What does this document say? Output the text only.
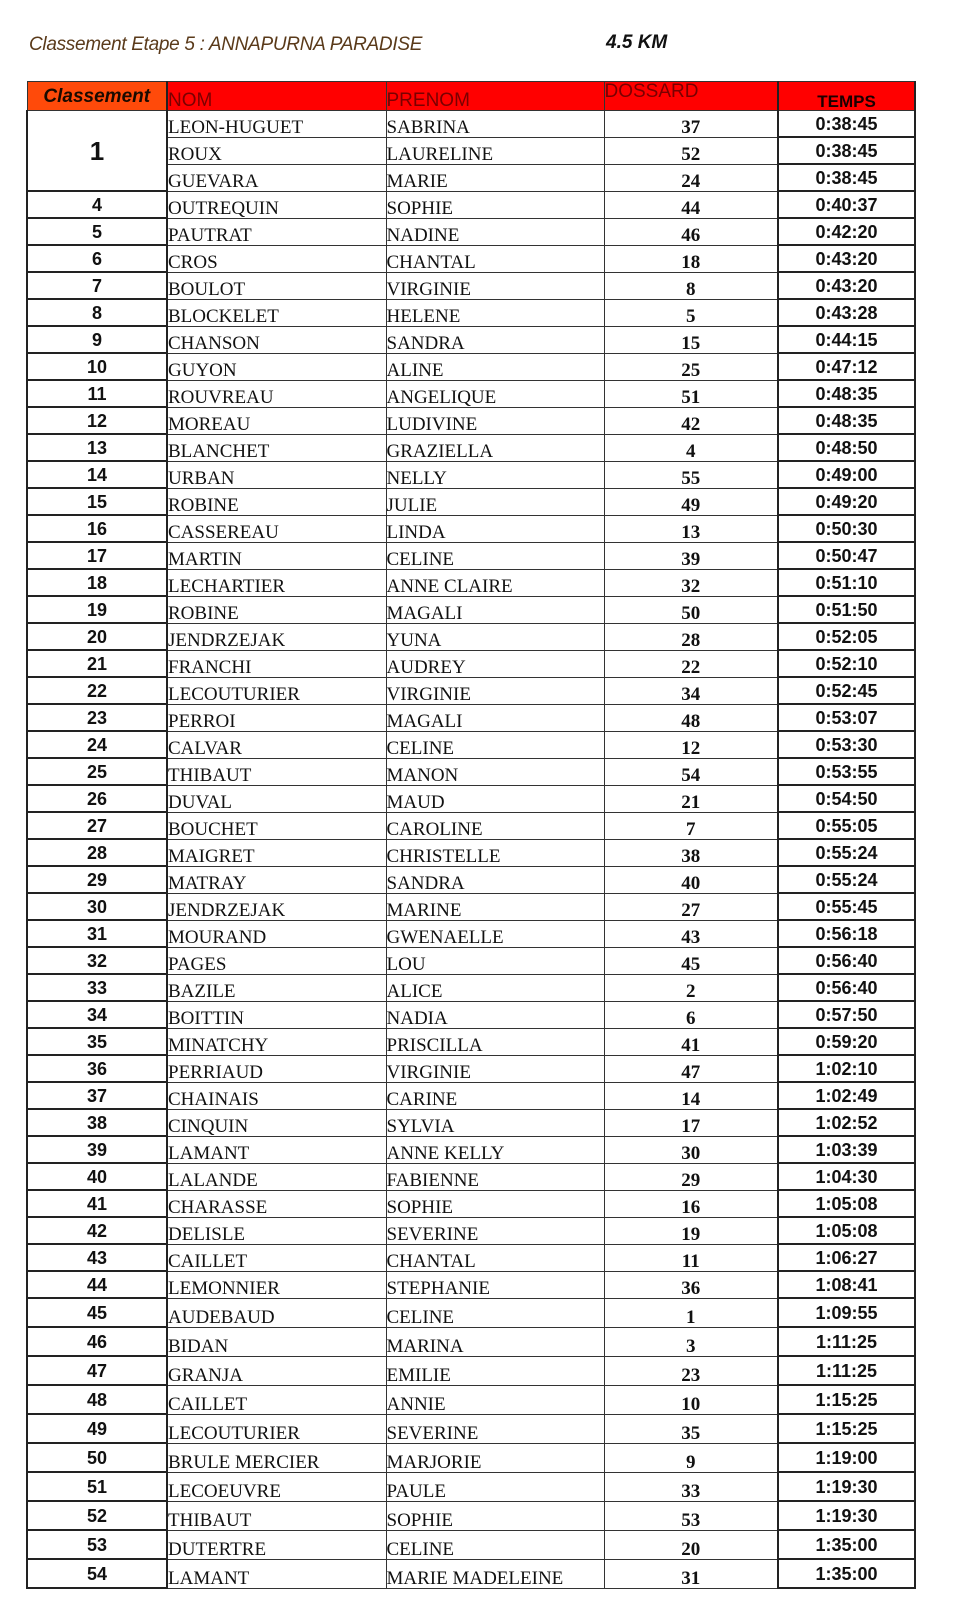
Classement Etape 5 : ANNAPURNA PARADISE	4.5 KM
Classement	NOM	PRENOM	DOSSARD	TEMPS
1	LEON-HUGUET	SABRINA	37	0:38:45
	ROUX	LAURELINE	52	0:38:45
	GUEVARA	MARIE	24	0:38:45
4	OUTREQUIN	SOPHIE	44	0:40:37
5	PAUTRAT	NADINE	46	0:42:20
6	CROS	CHANTAL	18	0:43:20
7	BOULOT	VIRGINIE	8	0:43:20
8	BLOCKELET	HELENE	5	0:43:28
9	CHANSON	SANDRA	15	0:44:15
10	GUYON	ALINE	25	0:47:12
11	ROUVREAU	ANGELIQUE	51	0:48:35
12	MOREAU	LUDIVINE	42	0:48:35
13	BLANCHET	GRAZIELLA	4	0:48:50
14	URBAN	NELLY	55	0:49:00
15	ROBINE	JULIE	49	0:49:20
16	CASSEREAU	LINDA	13	0:50:30
17	MARTIN	CELINE	39	0:50:47
18	LECHARTIER	ANNE CLAIRE	32	0:51:10
19	ROBINE	MAGALI	50	0:51:50
20	JENDRZEJAK	YUNA	28	0:52:05
21	FRANCHI	AUDREY	22	0:52:10
22	LECOUTURIER	VIRGINIE	34	0:52:45
23	PERROI	MAGALI	48	0:53:07
24	CALVAR	CELINE	12	0:53:30
25	THIBAUT	MANON	54	0:53:55
26	DUVAL	MAUD	21	0:54:50
27	BOUCHET	CAROLINE	7	0:55:05
28	MAIGRET	CHRISTELLE	38	0:55:24
29	MATRAY	SANDRA	40	0:55:24
30	JENDRZEJAK	MARINE	27	0:55:45
31	MOURAND	GWENAELLE	43	0:56:18
32	PAGES	LOU	45	0:56:40
33	BAZILE	ALICE	2	0:56:40
34	BOITTIN	NADIA	6	0:57:50
35	MINATCHY	PRISCILLA	41	0:59:20
36	PERRIAUD	VIRGINIE	47	1:02:10
37	CHAINAIS	CARINE	14	1:02:49
38	CINQUIN	SYLVIA	17	1:02:52
39	LAMANT	ANNE KELLY	30	1:03:39
40	LALANDE	FABIENNE	29	1:04:30
41	CHARASSE	SOPHIE	16	1:05:08
42	DELISLE	SEVERINE	19	1:05:08
43	CAILLET	CHANTAL	11	1:06:27
44	LEMONNIER	STEPHANIE	36	1:08:41
45	AUDEBAUD	CELINE	1	1:09:55
46	BIDAN	MARINA	3	1:11:25
47	GRANJA	EMILIE	23	1:11:25
48	CAILLET	ANNIE	10	1:15:25
49	LECOUTURIER	SEVERINE	35	1:15:25
50	BRULE MERCIER	MARJORIE	9	1:19:00
51	LECOEUVRE	PAULE	33	1:19:30
52	THIBAUT	SOPHIE	53	1:19:30
53	DUTERTRE	CELINE	20	1:35:00
54	LAMANT	MARIE MADELEINE	31	1:35:00
